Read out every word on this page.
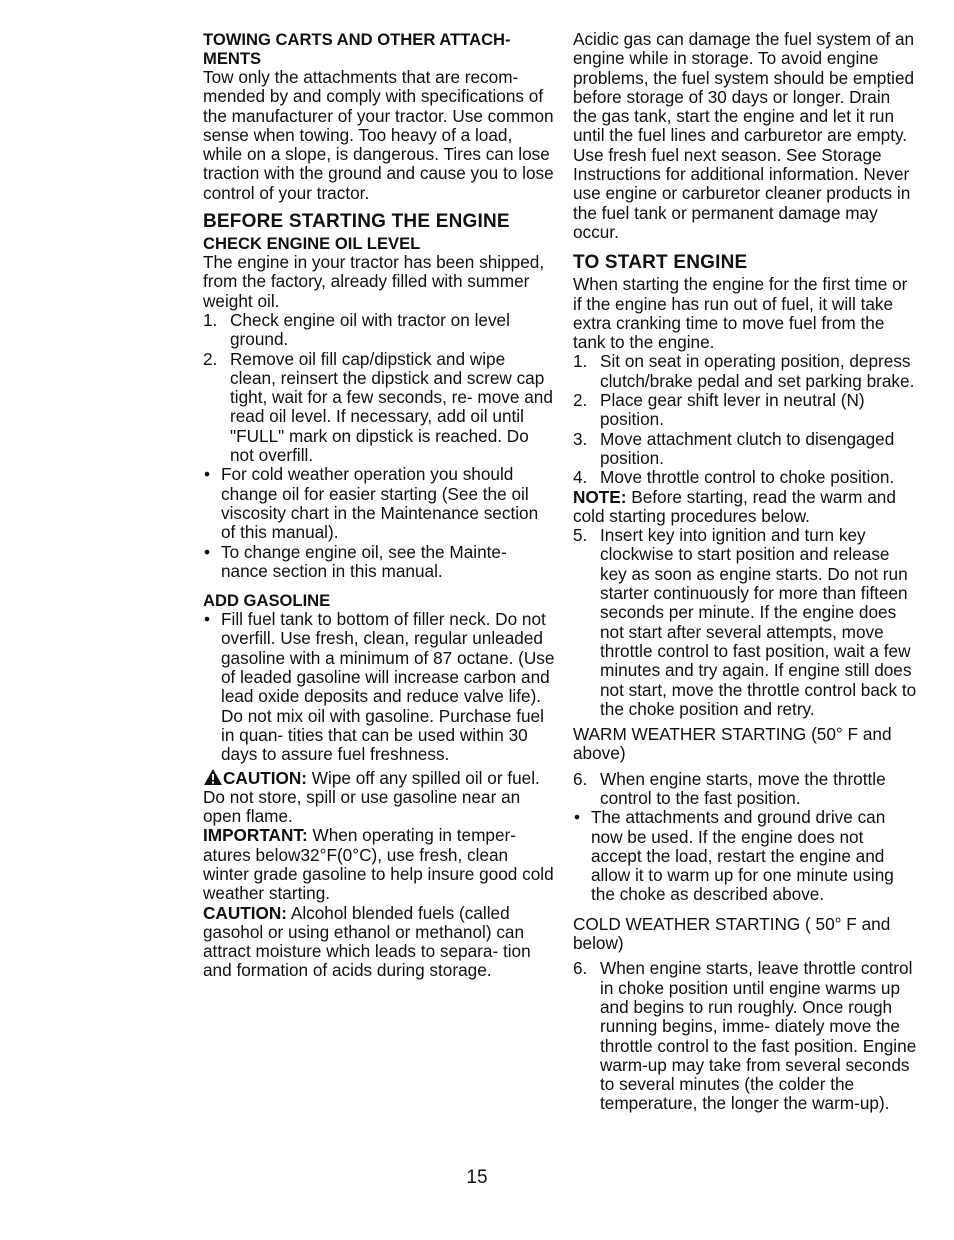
TOWING CARTS AND OTHER ATTACH- MENTS

Tow only the attachments that are recom- mended by and comply with specifications of the manufacturer of your tractor. Use common sense when towing. Too heavy of a load, while on a slope, is dangerous. Tires can lose traction with the ground and cause you to lose control of your tractor.

BEFORE STARTING THE ENGINE

CHECK ENGINE OIL LEVEL

The engine in your tractor has been shipped, from the factory, already filled with summer weight oil.

1. Check engine oil with tractor on level ground.
2. Remove oil fill cap/dipstick and wipe clean, reinsert the dipstick and screw cap tight, wait for a few seconds, re- move and read oil level. If necessary, add oil until "FULL" mark on dipstick is reached. Do not overfill.
• For cold weather operation you should change oil for easier starting (See the oil viscosity chart in the Maintenance section of this manual).
• To change engine oil, see the Mainte- nance section in this manual.

ADD GASOLINE

• Fill fuel tank to bottom of filler neck. Do not overfill. Use fresh, clean, regular unleaded gasoline with a minimum of 87 octane. (Use of leaded gasoline will increase carbon and lead oxide deposits and reduce valve life). Do not mix oil with gasoline. Purchase fuel in quan- tities that can be used within 30 days to assure fuel freshness.

CAUTION: Wipe off any spilled oil or fuel. Do not store, spill or use gasoline near an open flame.

IMPORTANT: When operating in temper- atures below32°F(0°C), use fresh, clean winter grade gasoline to help insure good cold weather starting.

CAUTION: Alcohol blended fuels (called gasohol or using ethanol or methanol) can attract moisture which leads to separa- tion and formation of acids during storage.

Acidic gas can damage the fuel system of an engine while in storage. To avoid engine problems, the fuel system should be emptied before storage of 30 days or longer. Drain the gas tank, start the engine and let it run until the fuel lines and carburetor are empty. Use fresh fuel next season. See Storage Instructions for additional information. Never use engine or carburetor cleaner products in the fuel tank or permanent damage may occur.

TO START ENGINE

When starting the engine for the first time or if the engine has run out of fuel, it will take extra cranking time to move fuel from the tank to the engine.

1. Sit on seat in operating position, depress clutch/brake pedal and set parking brake.
2. Place gear shift lever in neutral (N) position.
3. Move attachment clutch to disengaged position.
4. Move throttle control to choke position.

NOTE: Before starting, read the warm and cold starting procedures below.

5. Insert key into ignition and turn key clockwise to start position and release key as soon as engine starts. Do not run starter continuously for more than fifteen seconds per minute. If the engine does not start after several attempts, move throttle control to fast position, wait a few minutes and try again. If engine still does not start, move the throttle control back to the choke position and retry.

WARM WEATHER STARTING (50° F and above)

6. When engine starts, move the throttle control to the fast position.
• The attachments and ground drive can now be used. If the engine does not accept the load, restart the engine and allow it to warm up for one minute using the choke as described above.

COLD WEATHER STARTING ( 50° F and below)

6. When engine starts, leave throttle control in choke position until engine warms up and begins to run roughly. Once rough running begins, imme- diately move the throttle control to the fast position. Engine warm-up may take from several seconds to several minutes (the colder the temperature, the longer the warm-up).
15
